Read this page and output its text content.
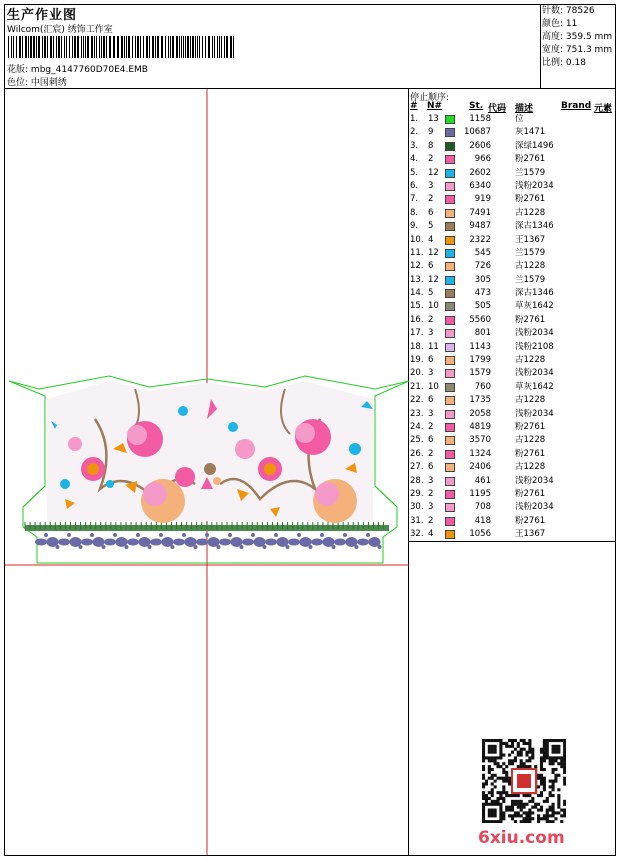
生产作业图
Wilcom(汇宸) 绣饰工作室
花版: mbg_4147760D70E4.EMB
色位: 中国刺绣
针数: 78526
颜色: 11
高度: 359.5 mm
宽度: 751.3 mm
比例: 0.18
停止顺序:
# N#	St. 代码 描述	Brand 元素
1. 13	1158	位
2. 9	10687	灰1471
3. 8	2606	深绿1496
4. 2	966	粉2761
5. 12	2602	兰1579
6. 3	6340	浅粉2034
7. 2	919	粉2761
8. 6	7491	古1228
9. 5	9487	深古1346
10. 4	2322	王1367
11. 12	545	兰1579
12. 6	726	古1228
13. 12	305	兰1579
14. 5	473	深古1346
15. 10	505	草灰1642
16. 2	5560	粉2761
17. 3	801	浅粉2034
18. 11	1143	浅粉2108
19. 6	1799	古1228
20. 3	1579	浅粉2034
21. 10	760	草灰1642
22. 6	1735	古1228
23. 3	2058	浅粉2034
24. 2	4819	粉2761
25. 6	3570	古1228
26. 2	1324	粉2761
27. 6	2406	古1228
28. 3	461	浅粉2034
29. 2	1195	粉2761
30. 3	708	浅粉2034
31. 2	418	粉2761
32. 4	1056	王1367
6xiu.com
